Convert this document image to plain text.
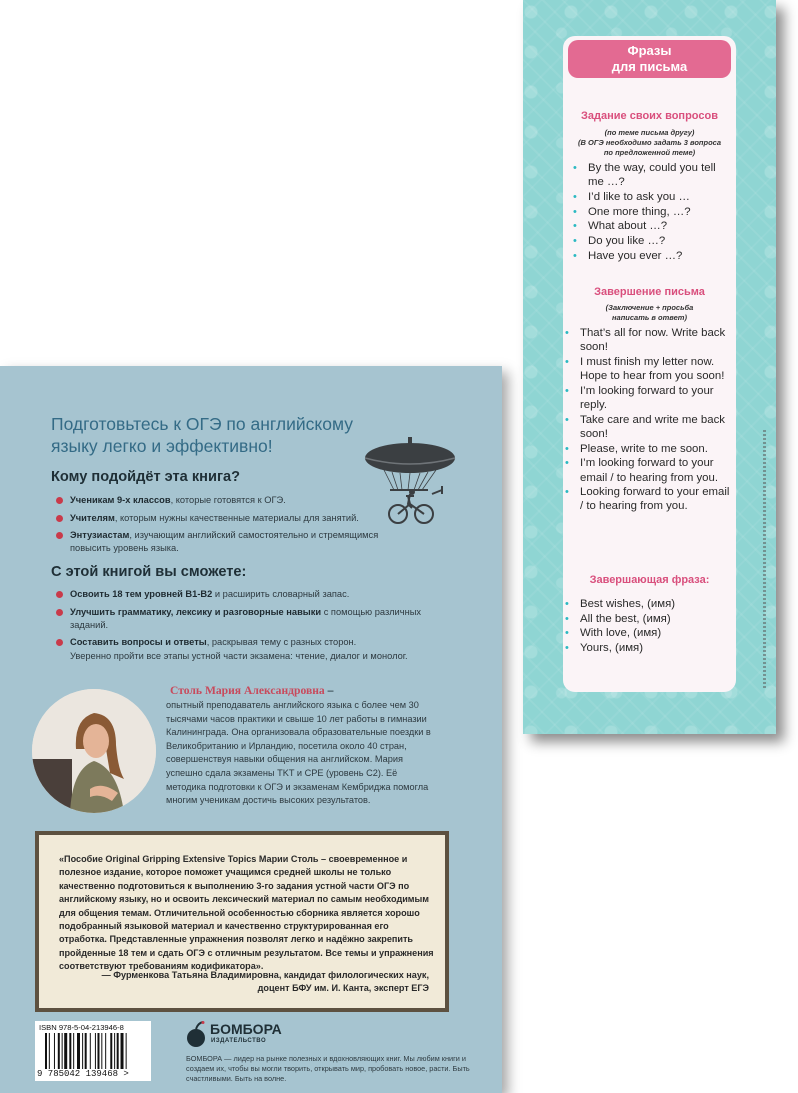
Фразы
для письма
Задание своих вопросов
(по теме письма другу)
(В ОГЭ необходимо задать 3 вопроса
по предложенной теме)
• By the way, could you tell me …?
• I’d like to ask you …
• One more thing, …?
• What about …?
• Do you like …?
• Have you ever …?
Завершение письма
(Заключение + просьба
написать в ответ)
• That’s all for now. Write back soon!
• I must finish my letter now. Hope to hear from you soon!
• I’m looking forward to your reply.
• Take care and write me back soon!
• Please, write to me soon.
• I’m looking forward to your email / to hearing from you.
• Looking forward to your email / to hearing from you.
Завершающая фраза:
• Best wishes, (имя)
• All the best, (имя)
• With love, (имя)
• Yours, (имя)
Подготовьтесь к ОГЭ по английскому языку легко и эффективно!
Кому подойдёт эта книга?
Ученикам 9-х классов, которые готовятся к ОГЭ.
Учителям, которым нужны качественные материалы для занятий.
Энтузиастам, изучающим английский самостоятельно и стремящимся повысить уровень языка.
С этой книгой вы сможете:
Освоить 18 тем уровней B1-B2 и расширить словарный запас.
Улучшить грамматику, лексику и разговорные навыки с помощью различных заданий.
Составить вопросы и ответы, раскрывая тему с разных сторон.
Уверенно пройти все этапы устной части экзамена: чтение, диалог и монолог.
Столь Мария Александровна –
опытный преподаватель английского языка с более чем 30 тысячами часов практики и свыше 10 лет работы в гимназии Калининграда. Она организовала образовательные поездки в Великобританию и Ирландию, посетила около 40 стран, совершенствуя навыки общения на английском. Мария успешно сдала экзамены TKT и CPE (уровень C2). Её методика подготовки к ОГЭ и экзаменам Кембриджа помогла многим ученикам достичь высоких результатов.
«Пособие Original Gripping Extensive Topics Марии Столь – своевременное и полезное издание, которое поможет учащимся средней школы не только качественно подготовиться к выполнению 3-го задания устной части ОГЭ по английскому языку, но и освоить лексический материал по самым необходимым для общения темам. Отличительной особенностью сборника является хорошо подобранный языковой материал и качественно структурированная его отработка. Представленные упражнения позволят легко и надёжно закрепить пройденные 18 тем и сдать ОГЭ с отличным результатом. Все темы и упражнения соответствуют требованиям кодификатора».
— Фурменкова Татьяна Владимировна, кандидат филологических наук,
доцент БФУ им. И. Канта, эксперт ЕГЭ
ISBN 978-5-04-213946-8
9 785042 139468 >
БОМБОРА
ИЗДАТЕЛЬСТВО
БОМБОРА — лидер на рынке полезных и вдохновляющих книг. Мы любим книги и создаем их, чтобы вы могли творить, открывать мир, пробовать новое, расти. Быть счастливыми. Быть на волне.
